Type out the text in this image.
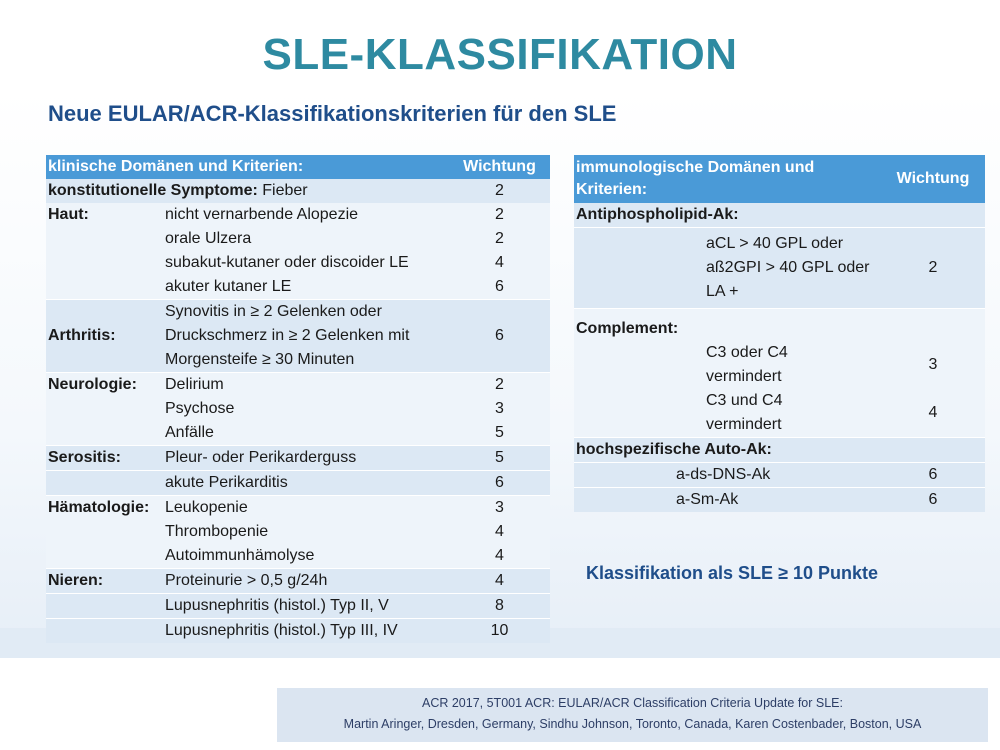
SLE-KLASSIFIKATION
Neue EULAR/ACR-Klassifikationskriterien für den SLE
klinische Domänen und Kriterien:		Wichtung
konstitutionelle Symptome: Fieber		2
Haut:	nicht vernarbende Alopezie	2
	orale Ulzera	2
	subakut-kutaner oder discoider LE	4
	akuter kutaner LE	6
Arthritis:	Synovitis in ≥ 2 Gelenken oder
Druckschmerz in ≥ 2 Gelenken mit
Morgensteife ≥ 30 Minuten	6
Neurologie:	Delirium	2
	Psychose	3
	Anfälle	5
Serositis:	Pleur- oder Perikarderguss	5
	akute Perikarditis	6
Hämatologie:	Leukopenie	3
	Thrombopenie	4
	Autoimmunhämolyse	4
Nieren:	Proteinurie > 0,5 g/24h	4
	Lupusnephritis (histol.) Typ II, V	8
	Lupusnephritis (histol.) Typ III, IV	10
immunologische Domänen und
Kriterien:		Wichtung
Antiphospholipid-Ak:		

	aCL > 40 GPL oder
aß2GPI > 40 GPL oder
LA +	2
Complement:		

	C3 oder C4
vermindert	3

	C3 und C4
vermindert	4
hochspezifische Auto-Ak:		
a-ds-DNS-Ak		6
a-Sm-Ak		6
Klassifikation als SLE ≥ 10 Punkte
ACR 2017, 5T001 ACR: EULAR/ACR Classification Criteria Update for SLE:
Martin Aringer, Dresden, Germany, Sindhu Johnson, Toronto, Canada, Karen Costenbader, Boston, USA
